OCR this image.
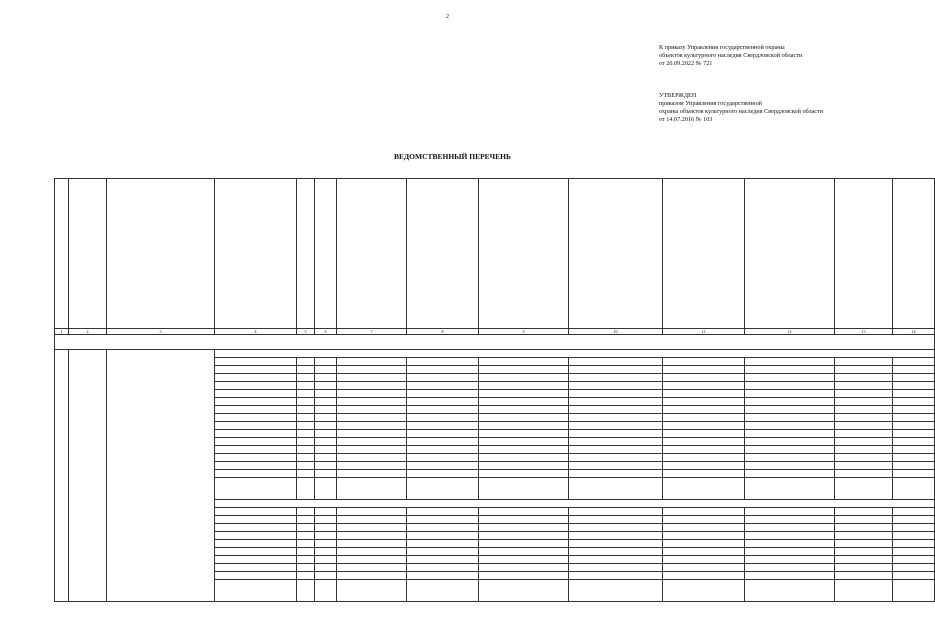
2
К приказу Управления государственной охраны
объектов культурного наследия Свердловской области
от 20.09.2022 № 721
УТВЕРЖДЕН
приказом Управления государственной
охраны объектов культурного наследия Свердловской области
от 14.07.2016 № 103
ВЕДОМСТВЕННЫЙ ПЕРЕЧЕНЬ

1	2	3	4	5	6	7	8	9	10	11	12	13	14
